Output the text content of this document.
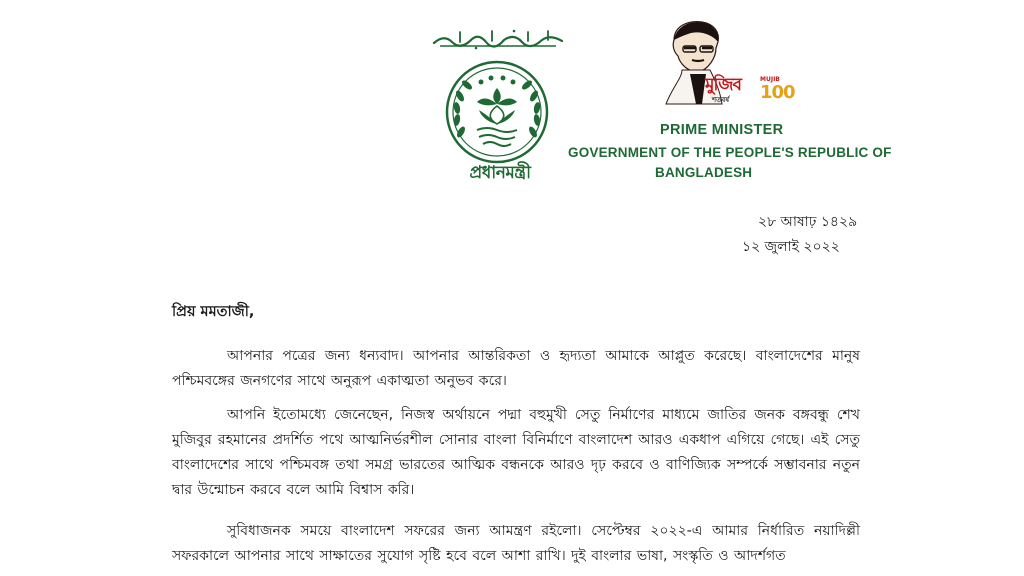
প্রধানমন্ত্রী
মুজিব
শতবর্ষ
MUJIB
100
PRIME MINISTER
GOVERNMENT OF THE PEOPLE'S REPUBLIC OF
BANGLADESH
২৮ আষাঢ় ১৪২৯
১২ জুলাই ২০২২
প্রিয় মমতাজী,

আপনার পত্রের জন্য ধন্যবাদ। আপনার আন্তরিকতা ও হৃদ্যতা আমাকে আপ্লুত করেছে। বাংলাদেশের মানুষ পশ্চিমবঙ্গের জনগণের সাথে অনুরূপ একাত্মতা অনুভব করে।

আপনি ইতোমধ্যে জেনেছেন, নিজস্ব অর্থায়নে পদ্মা বহুমুখী সেতু নির্মাণের মাধ্যমে জাতির জনক বঙ্গবন্ধু শেখ মুজিবুর রহমানের প্রদর্শিত পথে আত্মনির্ভরশীল সোনার বাংলা বিনির্মাণে বাংলাদেশ আরও একধাপ এগিয়ে গেছে। এই সেতু বাংলাদেশের সাথে পশ্চিমবঙ্গ তথা সমগ্র ভারতের আত্মিক বন্ধনকে আরও দৃঢ় করবে ও বাণিজ্যিক সম্পর্কে সম্ভাবনার নতুন দ্বার উন্মোচন করবে বলে আমি বিশ্বাস করি।

সুবিধাজনক সময়ে বাংলাদেশ সফরের জন্য আমন্ত্রণ রইলো। সেপ্টেম্বর ২০২২-এ আমার নির্ধারিত নয়াদিল্লী সফরকালে আপনার সাথে সাক্ষাতের সুযোগ সৃষ্টি হবে বলে আশা রাখি। দুই বাংলার ভাষা, সংস্কৃতি ও আদর্শগত
